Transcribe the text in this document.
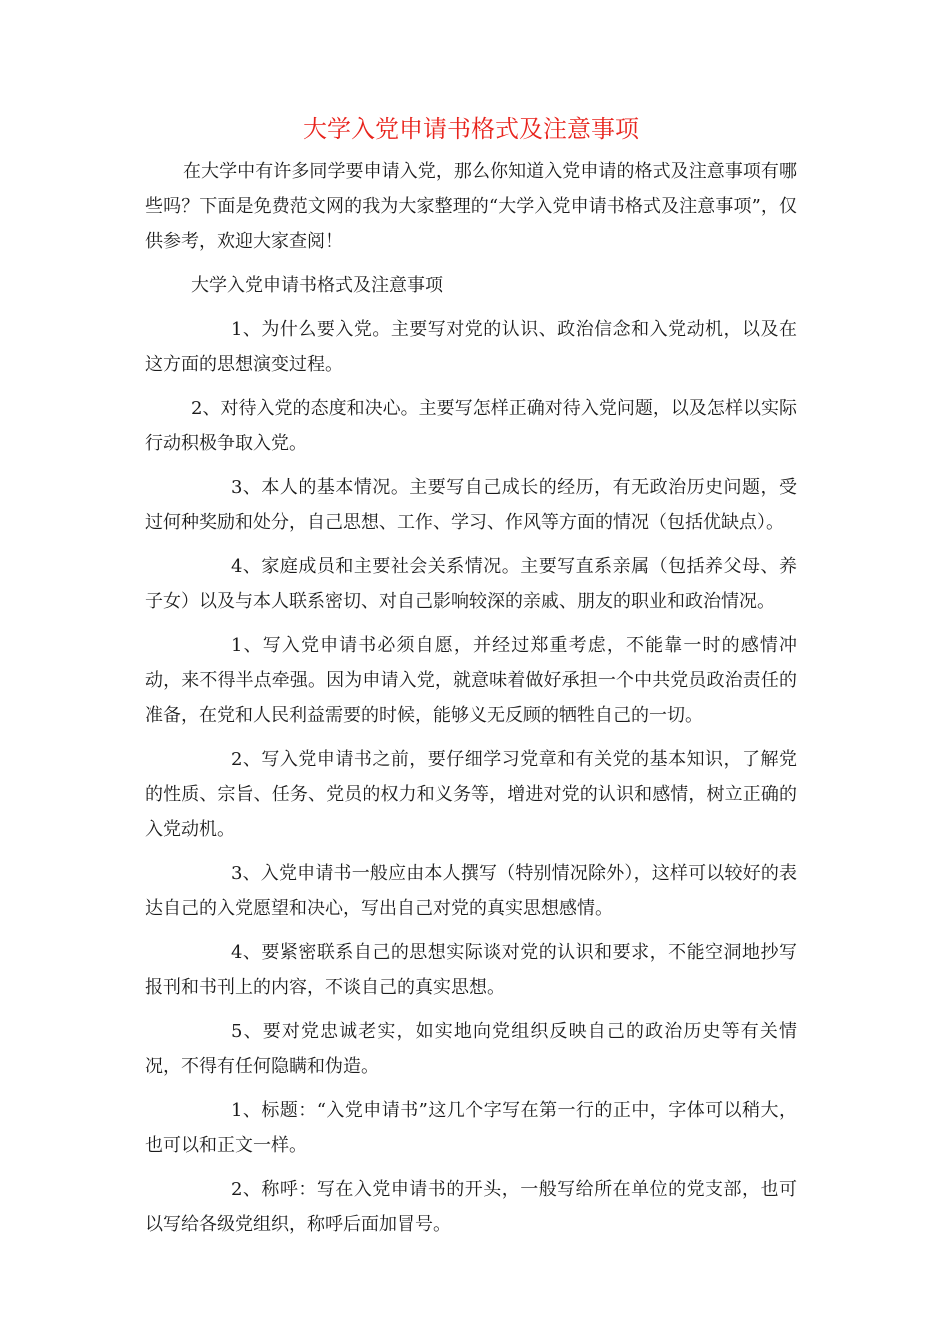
大学入党申请书格式及注意事项

在大学中有许多同学要申请入党，那么你知道入党申请的格式及注意事项有哪些吗？下面是免费范文网的我为大家整理的“大学入党申请书格式及注意事项”，仅供参考，欢迎大家查阅！

大学入党申请书格式及注意事项

1、为什么要入党。主要写对党的认识、政治信念和入党动机，以及在这方面的思想演变过程。

2、对待入党的态度和决心。主要写怎样正确对待入党问题，以及怎样以实际行动积极争取入党。

3、本人的基本情况。主要写自己成长的经历，有无政治历史问题，受过何种奖励和处分，自己思想、工作、学习、作风等方面的情况（包括优缺点）。

4、家庭成员和主要社会关系情况。主要写直系亲属（包括养父母、养子女）以及与本人联系密切、对自己影响较深的亲戚、朋友的职业和政治情况。

1、写入党申请书必须自愿，并经过郑重考虑，不能靠一时的感情冲动，来不得半点牵强。因为申请入党，就意味着做好承担一个中共党员政治责任的准备，在党和人民利益需要的时候，能够义无反顾的牺牲自己的一切。

2、写入党申请书之前，要仔细学习党章和有关党的基本知识，了解党的性质、宗旨、任务、党员的权力和义务等，增进对党的认识和感情，树立正确的入党动机。

3、入党申请书一般应由本人撰写（特别情况除外），这样可以较好的表达自己的入党愿望和决心，写出自己对党的真实思想感情。

4、要紧密联系自己的思想实际谈对党的认识和要求，不能空洞地抄写报刊和书刊上的内容，不谈自己的真实思想。

5、要对党忠诚老实，如实地向党组织反映自己的政治历史等有关情况，不得有任何隐瞒和伪造。

1、标题：“入党申请书”这几个字写在第一行的正中，字体可以稍大，也可以和正文一样。

2、称呼：写在入党申请书的开头，一般写给所在单位的党支部，也可以写给各级党组织，称呼后面加冒号。
